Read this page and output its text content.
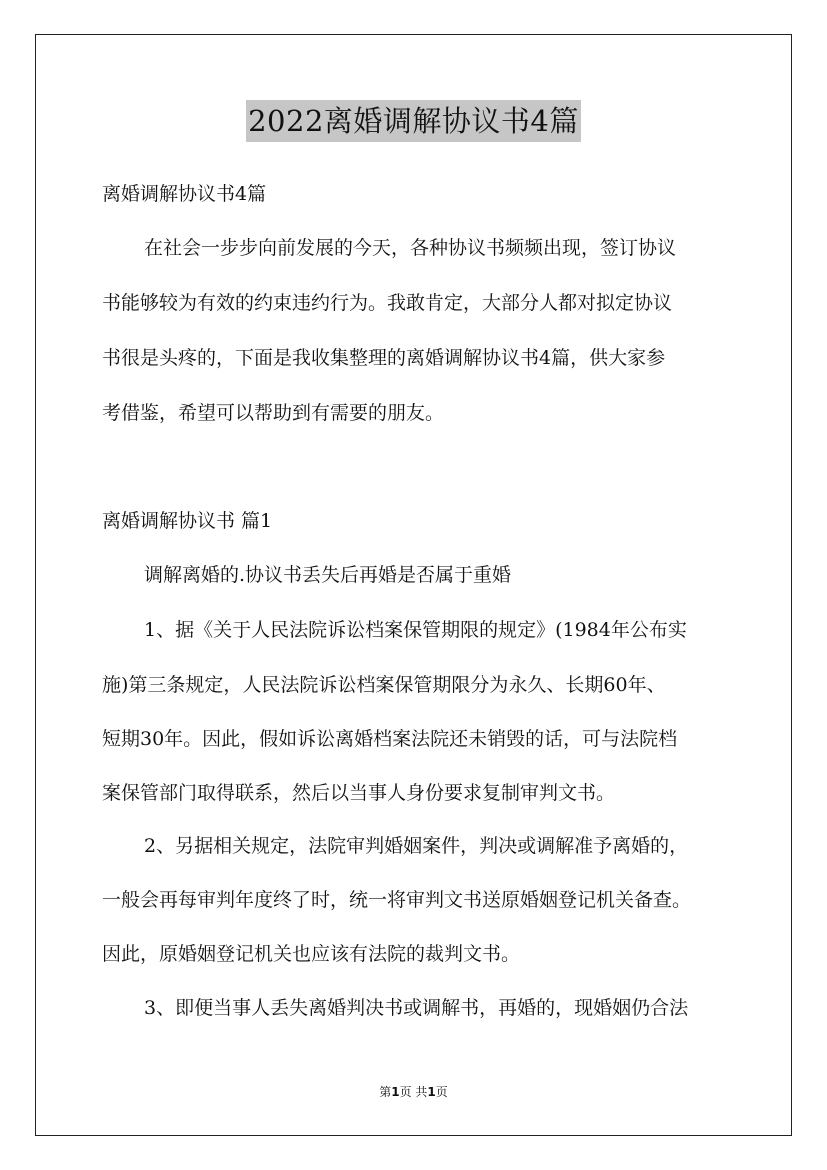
2022离婚调解协议书4篇
离婚调解协议书4篇
在社会一步步向前发展的今天，各种协议书频频出现，签订协议
书能够较为有效的约束违约行为。我敢肯定，大部分人都对拟定协议
书很是头疼的，下面是我收集整理的离婚调解协议书4篇，供大家参
考借鉴，希望可以帮助到有需要的朋友。
离婚调解协议书 篇1
调解离婚的.协议书丢失后再婚是否属于重婚
1、据《关于人民法院诉讼档案保管期限的规定》(1984年公布实
施)第三条规定，人民法院诉讼档案保管期限分为永久、长期60年、
短期30年。因此，假如诉讼离婚档案法院还未销毁的话，可与法院档
案保管部门取得联系，然后以当事人身份要求复制审判文书。
2、另据相关规定，法院审判婚姻案件，判决或调解准予离婚的，
一般会再每审判年度终了时，统一将审判文书送原婚姻登记机关备查。
因此，原婚姻登记机关也应该有法院的裁判文书。
3、即便当事人丢失离婚判决书或调解书，再婚的，现婚姻仍合法
第1页 共1页
